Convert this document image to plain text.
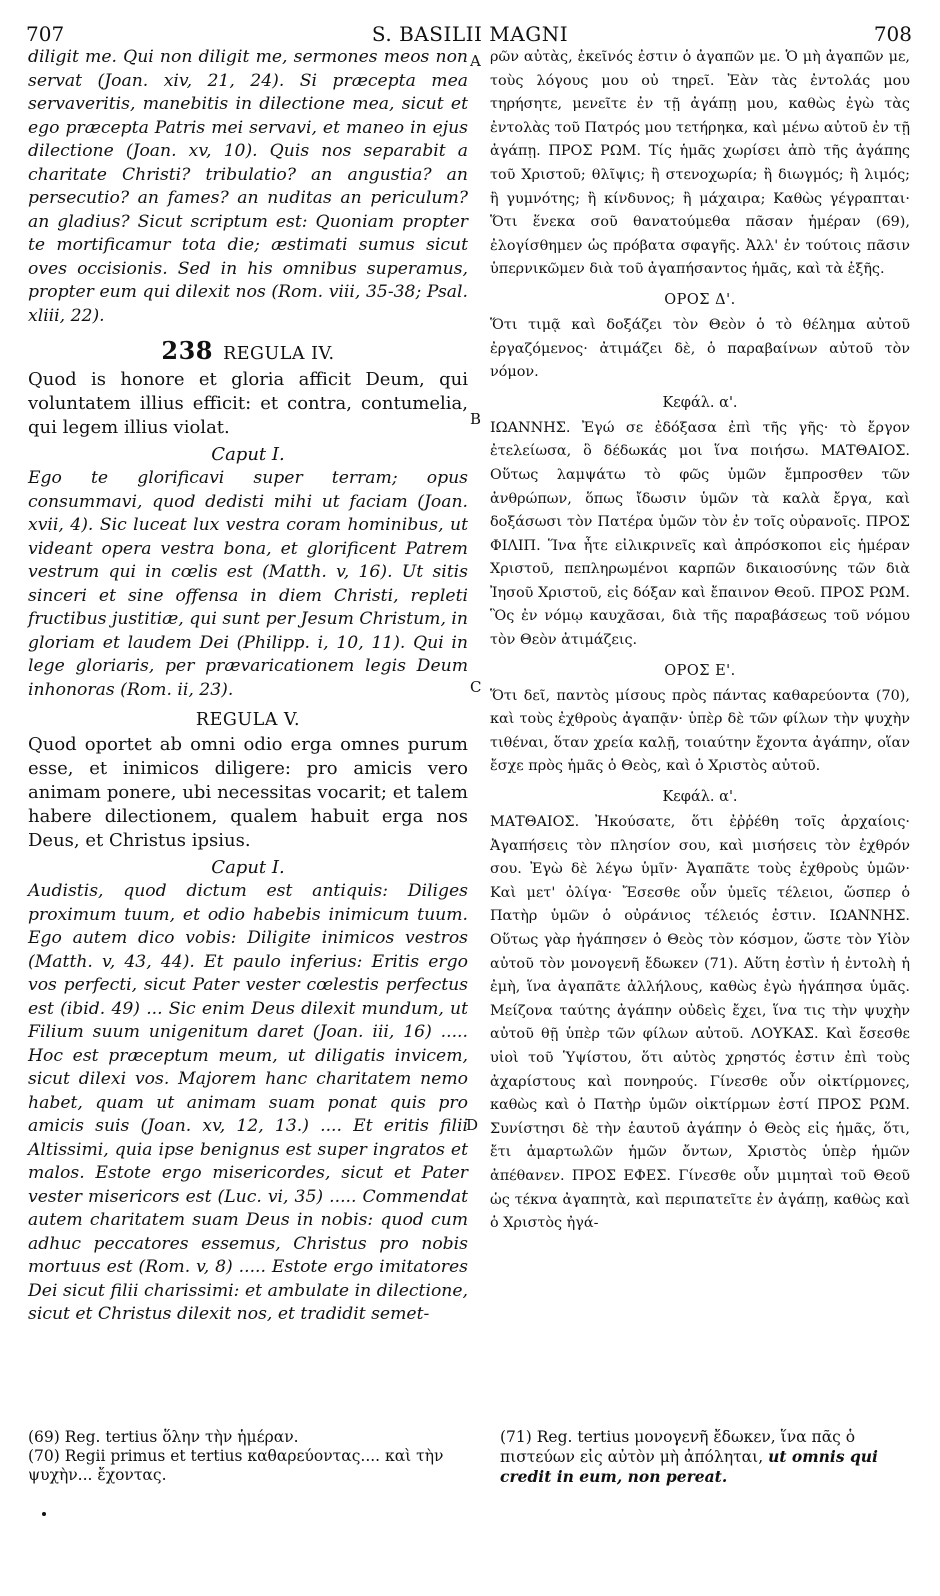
707	S. BASILII MAGNI	708

diligit me. Qui non diligit me, sermones meos non servat (Joan. xiv, 21, 24). Si præcepta mea servaveritis, manebitis in dilectione mea, sicut et ego præcepta Patris mei servavi, et maneo in ejus dilectione (Joan. xv, 10). Quis nos separabit a charitate Christi? tribulatio? an angustia? an persecutio? an fames? an nuditas an periculum? an gladius? Sicut scriptum est: Quoniam propter te mortificamur tota die; æstimati sumus sicut oves occisionis. Sed in his omnibus superamus, propter eum qui dilexit nos (Rom. viii, 35-38; Psal. xliii, 22).

238 REGULA IV.

Quod is honore et gloria afficit Deum, qui voluntatem illius efficit: et contra, contumelia, qui legem illius violat.

Caput I.

Ego te glorificavi super terram; opus consummavi, quod dedisti mihi ut faciam (Joan. xvii, 4). Sic luceat lux vestra coram hominibus, ut videant opera vestra bona, et glorificent Patrem vestrum qui in cœlis est (Matth. v, 16). Ut sitis sinceri et sine offensa in diem Christi, repleti fructibus justitiæ, qui sunt per Jesum Christum, in gloriam et laudem Dei (Philipp. i, 10, 11). Qui in lege gloriaris, per prævaricationem legis Deum inhonoras (Rom. ii, 23).

REGULA V.

Quod oportet ab omni odio erga omnes purum esse, et inimicos diligere: pro amicis vero animam ponere, ubi necessitas vocarit; et talem habere dilectionem, qualem habuit erga nos Deus, et Christus ipsius.

Caput I.

Audistis, quod dictum est antiquis: Diliges proximum tuum, et odio habebis inimicum tuum. Ego autem dico vobis: Diligite inimicos vestros (Matth. v, 43, 44). Et paulo inferius: Eritis ergo vos perfecti, sicut Pater vester cœlestis perfectus est (ibid. 49) ... Sic enim Deus dilexit mundum, ut Filium suum unigenitum daret (Joan. iii, 16) ..... Hoc est præceptum meum, ut diligatis invicem, sicut dilexi vos. Majorem hanc charitatem nemo habet, quam ut animam suam ponat quis pro amicis suis (Joan. xv, 12, 13.) .... Et eritis filii Altissimi, quia ipse benignus est super ingratos et malos. Estote ergo misericordes, sicut et Pater vester misericors est (Luc. vi, 35) ..... Commendat autem charitatem suam Deus in nobis: quod cum adhuc peccatores essemus, Christus pro nobis mortuus est (Rom. v, 8) ..... Estote ergo imitatores Dei sicut filii charissimi: et ambulate in dilectione, sicut et Christus dilexit nos, et tradidit semet-

A
B
C
D

ρῶν αὐτὰς, ἐκεῖνός ἐστιν ὁ ἀγαπῶν με. Ὁ μὴ ἀγαπῶν με, τοὺς λόγους μου οὐ τηρεῖ. Ἐὰν τὰς ἐντολάς μου τηρήσητε, μενεῖτε ἐν τῇ ἀγάπῃ μου, καθὼς ἐγὼ τὰς ἐντολὰς τοῦ Πατρός μου τετήρηκα, καὶ μένω αὐτοῦ ἐν τῇ ἀγάπῃ. ΠΡΟΣ ΡΩΜ. Τίς ἡμᾶς χωρίσει ἀπὸ τῆς ἀγάπης τοῦ Χριστοῦ; θλῖψις; ἢ στενοχωρία; ἢ διωγμός; ἢ λιμός; ἢ γυμνότης; ἢ κίνδυνος; ἢ μάχαιρα; Καθὼς γέγραπται· Ὅτι ἕνεκα σοῦ θανατούμεθα πᾶσαν ἡμέραν (69), ἐλογίσθημεν ὡς πρόβατα σφαγῆς. Ἀλλ' ἐν τούτοις πᾶσιν ὑπερνικῶμεν διὰ τοῦ ἀγαπήσαντος ἡμᾶς, καὶ τὰ ἑξῆς.

ΟΡΟΣ Δ'.

Ὅτι τιμᾷ καὶ δοξάζει τὸν Θεὸν ὁ τὸ θέλημα αὐτοῦ ἐργαζόμενος· ἀτιμάζει δὲ, ὁ παραβαίνων αὐτοῦ τὸν νόμον.

Κεφάλ. α'.

ΙΩΑΝΝΗΣ. Ἐγώ σε ἐδόξασα ἐπὶ τῆς γῆς· τὸ ἔργον ἐτελείωσα, ὃ δέδωκάς μοι ἵνα ποιήσω. ΜΑΤΘΑΙΟΣ. Οὕτως λαμψάτω τὸ φῶς ὑμῶν ἔμπροσθεν τῶν ἀνθρώπων, ὅπως ἴδωσιν ὑμῶν τὰ καλὰ ἔργα, καὶ δοξάσωσι τὸν Πατέρα ὑμῶν τὸν ἐν τοῖς οὐρανοῖς. ΠΡΟΣ ΦΙΛΙΠ. Ἵνα ἦτε εἰλικρινεῖς καὶ ἀπρόσκοποι εἰς ἡμέραν Χριστοῦ, πεπληρωμένοι καρπῶν δικαιοσύνης τῶν διὰ Ἰησοῦ Χριστοῦ, εἰς δόξαν καὶ ἔπαινον Θεοῦ. ΠΡΟΣ ΡΩΜ. Ὃς ἐν νόμῳ καυχᾶσαι, διὰ τῆς παραβάσεως τοῦ νόμου τὸν Θεὸν ἀτιμάζεις.

ΟΡΟΣ Ε'.

Ὅτι δεῖ, παντὸς μίσους πρὸς πάντας καθαρεύοντα (70), καὶ τοὺς ἐχθροὺς ἀγαπᾷν· ὑπὲρ δὲ τῶν φίλων τὴν ψυχὴν τιθέναι, ὅταν χρεία καλῇ, τοιαύτην ἔχοντα ἀγάπην, οἵαν ἔσχε πρὸς ἡμᾶς ὁ Θεὸς, καὶ ὁ Χριστὸς αὐτοῦ.

Κεφάλ. α'.

ΜΑΤΘΑΙΟΣ. Ἠκούσατε, ὅτι ἐῤῥέθη τοῖς ἀρχαίοις· Ἀγαπήσεις τὸν πλησίον σου, καὶ μισήσεις τὸν ἐχθρόν σου. Ἐγὼ δὲ λέγω ὑμῖν· Ἀγαπᾶτε τοὺς ἐχθροὺς ὑμῶν· Καὶ μετ' ὀλίγα· Ἔσεσθε οὖν ὑμεῖς τέλειοι, ὥσπερ ὁ Πατὴρ ὑμῶν ὁ οὐράνιος τέλειός ἐστιν. ΙΩΑΝΝΗΣ. Οὕτως γὰρ ἠγάπησεν ὁ Θεὸς τὸν κόσμον, ὥστε τὸν Υἱὸν αὐτοῦ τὸν μονογενῆ ἔδωκεν (71). Αὕτη ἐστὶν ἡ ἐντολὴ ἡ ἐμὴ, ἵνα ἀγαπᾶτε ἀλλήλους, καθὼς ἐγὼ ἠγάπησα ὑμᾶς. Μείζονα ταύτης ἀγάπην οὐδεὶς ἔχει, ἵνα τις τὴν ψυχὴν αὐτοῦ θῇ ὑπὲρ τῶν φίλων αὐτοῦ. ΛΟΥΚΑΣ. Καὶ ἔσεσθε υἱοὶ τοῦ Ὑψίστου, ὅτι αὐτὸς χρηστός ἐστιν ἐπὶ τοὺς ἀχαρίστους καὶ πονηρούς. Γίνεσθε οὖν οἰκτίρμονες, καθὼς καὶ ὁ Πατὴρ ὑμῶν οἰκτίρμων ἐστί ΠΡΟΣ ΡΩΜ. Συνίστησι δὲ τὴν ἑαυτοῦ ἀγάπην ὁ Θεὸς εἰς ἡμᾶς, ὅτι, ἔτι ἁμαρτωλῶν ἡμῶν ὄντων, Χριστὸς ὑπὲρ ἡμῶν ἀπέθανεν. ΠΡΟΣ ΕΦΕΣ. Γίνεσθε οὖν μιμηταὶ τοῦ Θεοῦ ὡς τέκνα ἀγαπητὰ, καὶ περιπατεῖτε ἐν ἀγάπῃ, καθὼς καὶ ὁ Χριστὸς ἠγά-

(69) Reg. tertius ὅλην τὴν ἡμέραν.

(70) Regii primus et tertius καθαρεύοντας.... καὶ τὴν ψυχὴν... ἔχοντας.

(71) Reg. tertius μονογενῆ ἔδωκεν, ἵνα πᾶς ὁ πιστεύων εἰς αὐτὸν μὴ ἀπόληται, ut omnis qui credit in eum, non pereat.
